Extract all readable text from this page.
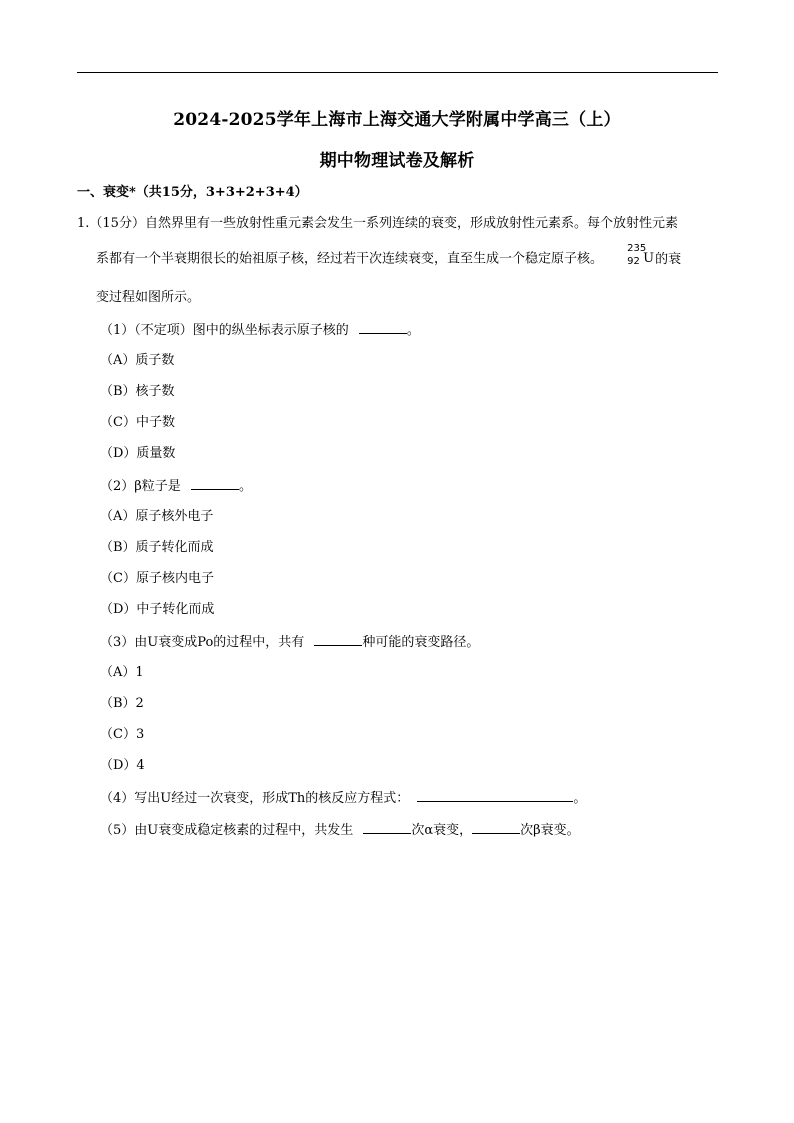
2024-2025学年上海市上海交通大学附属中学高三（上）
期中物理试卷及解析
一、衰变*（共15分，3+3+2+3+4）
1.（15分）自然界里有一些放射性重元素会发生一系列连续的衰变，形成放射性元素系。每个放射性元素
系都有一个半衰期很长的始祖原子核，经过若干次连续衰变，直至生成一个稳定原子核。
235
92 U 的衰
变过程如图所示。
（1）（不定项）图中的纵坐标表示原子核的	。
（A）质子数
（B）核子数
（C）中子数
（D）质量数
（2）β粒子是	。
（A）原子核外电子
（B）质子转化而成
（C）原子核内电子
（D）中子转化而成
（3）由U衰变成Po的过程中，共有	种可能的衰变路径。
（A）1
（B）2
（C）3
（D）4
（4）写出U经过一次衰变，形成Th的核反应方程式：	。
（5）由U衰变成稳定核素的过程中，共发生	次α衰变，	次β衰变。
